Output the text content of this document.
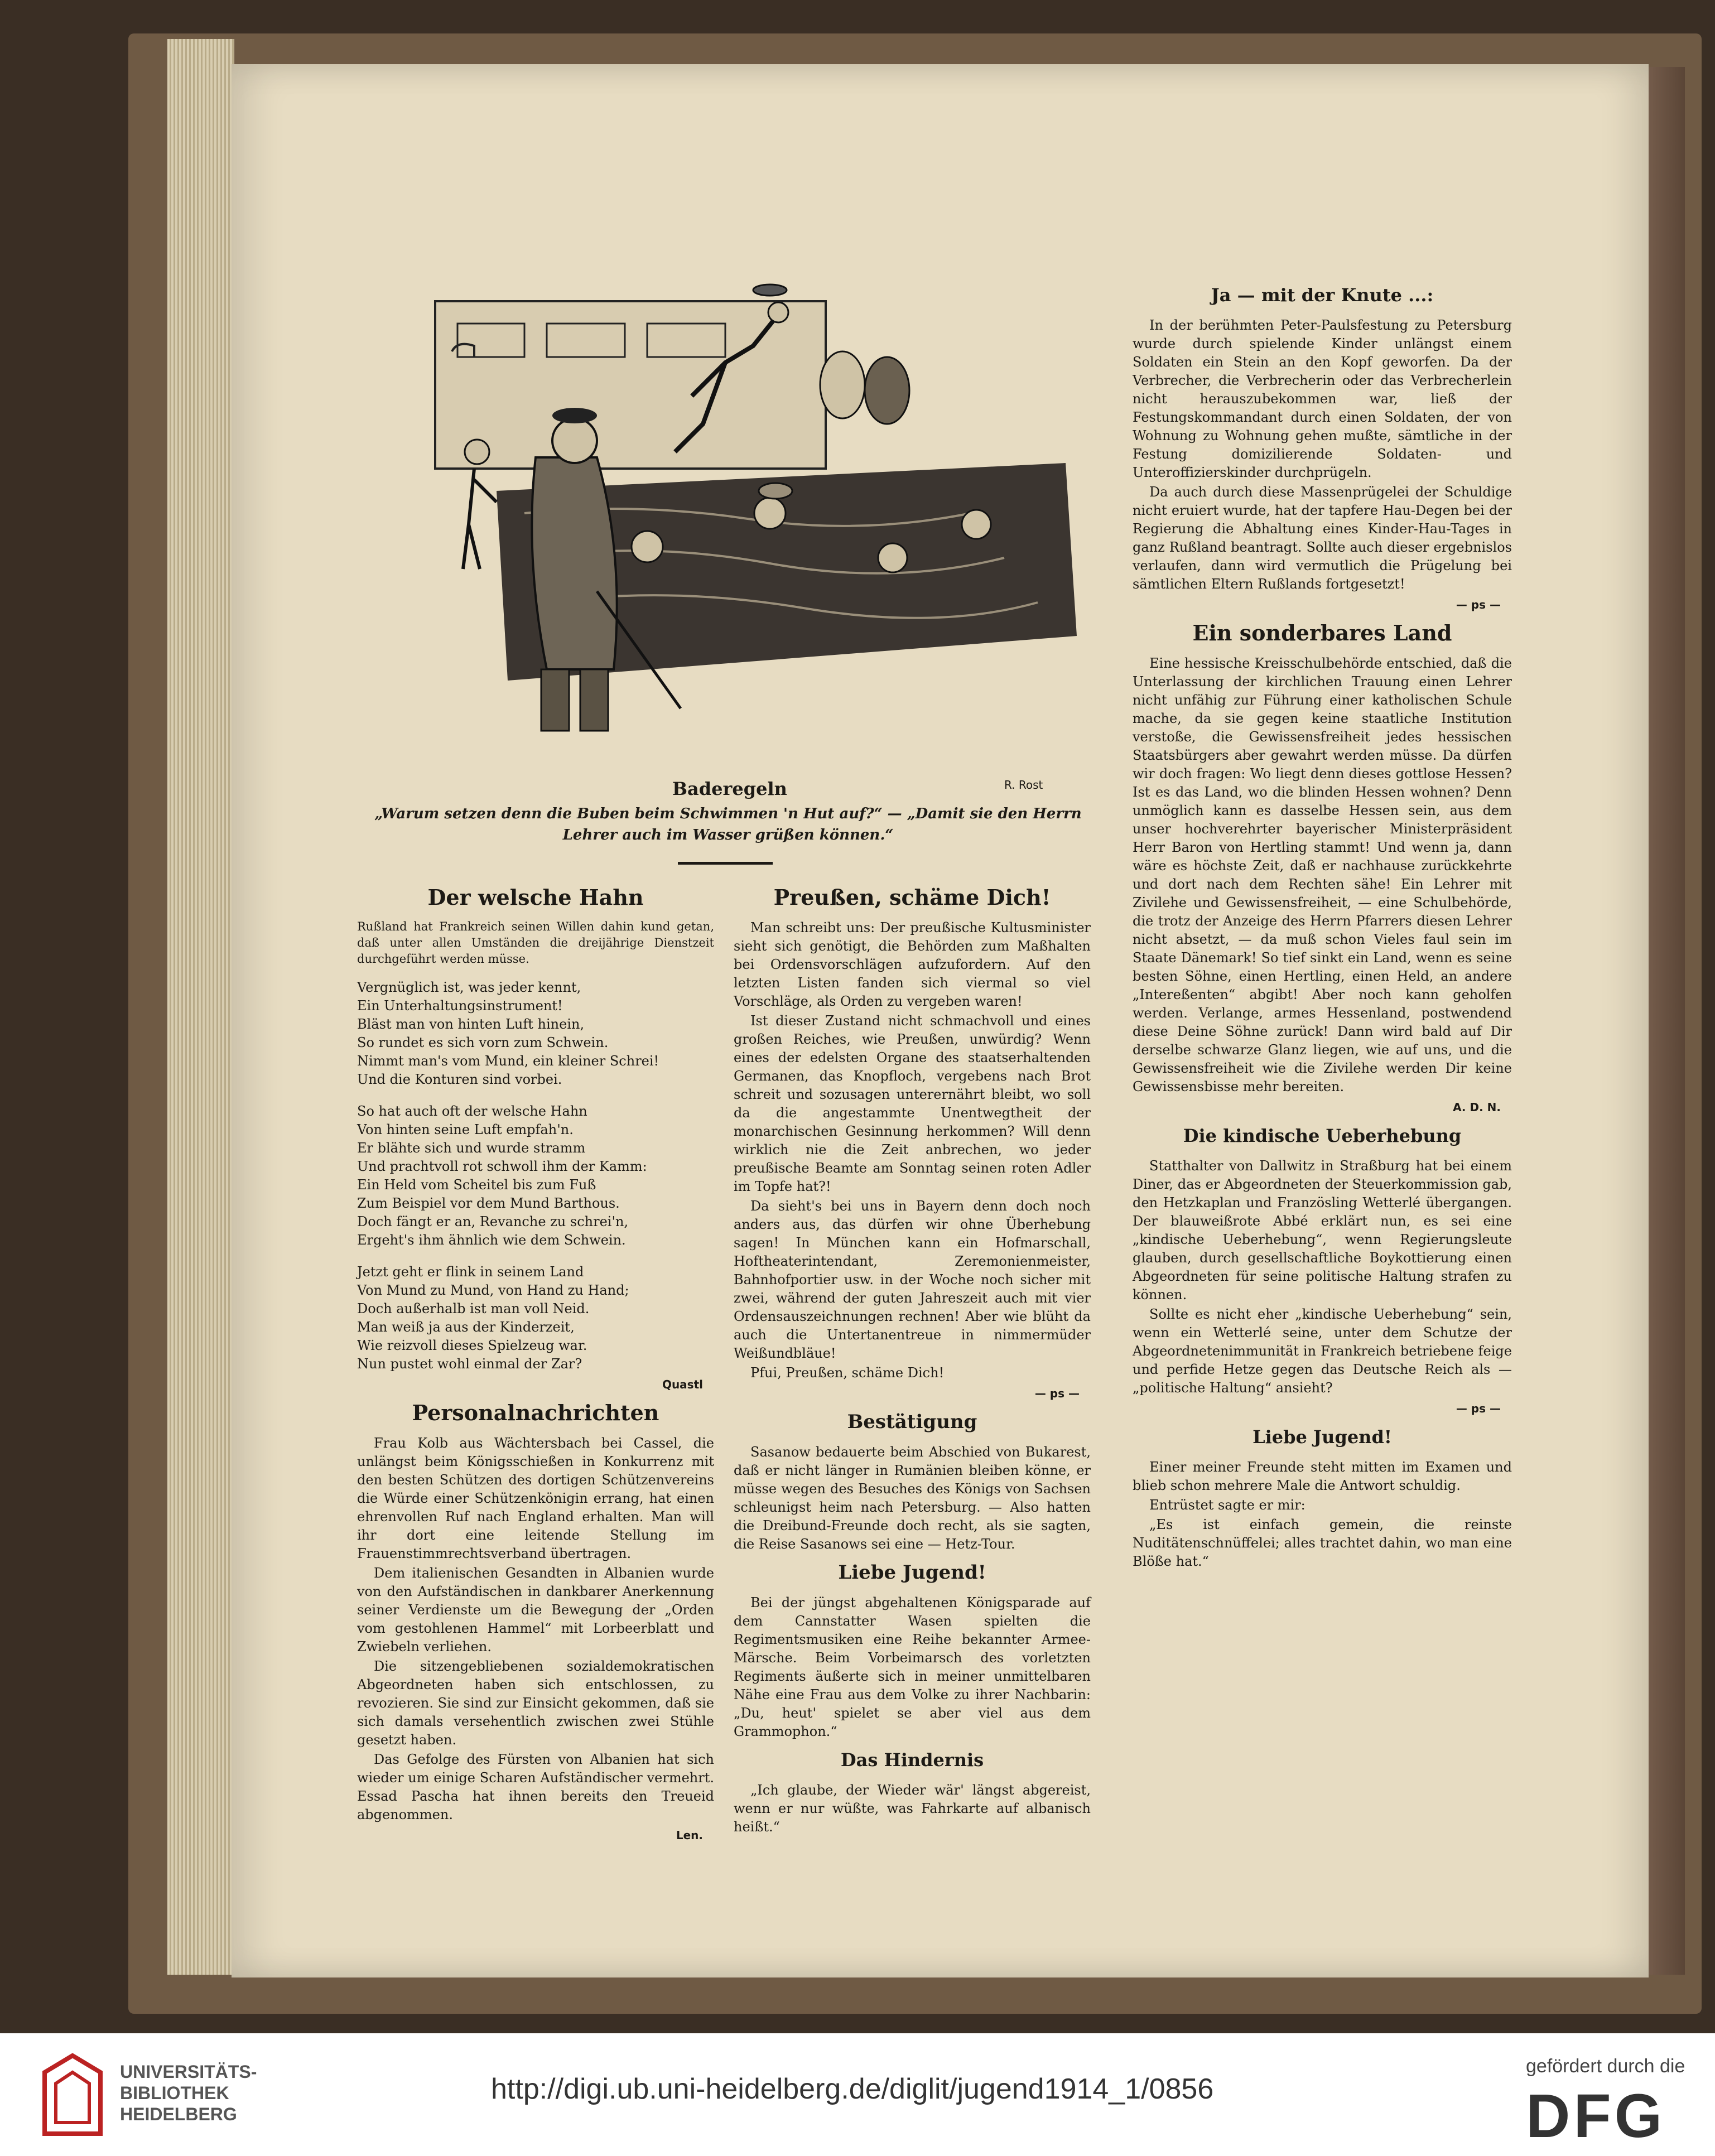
Baderegeln	R. Rost
„Warum setzen denn die Buben beim Schwimmen 'n Hut auf?“ — „Damit sie den Herrn Lehrer auch im Wasser grüßen können.“
Der welsche Hahn
Rußland hat Frankreich seinen Willen dahin kund getan, daß unter allen Umständen die dreijährige Dienstzeit durchgeführt werden müsse.
Vergnüglich ist, was jeder kennt,
Ein Unterhaltungsinstrument!
Bläst man von hinten Luft hinein,
So rundet es sich vorn zum Schwein.
Nimmt man's vom Mund, ein kleiner Schrei!
Und die Konturen sind vorbei.
So hat auch oft der welsche Hahn
Von hinten seine Luft empfah'n.
Er blähte sich und wurde stramm
Und prachtvoll rot schwoll ihm der Kamm:
Ein Held vom Scheitel bis zum Fuß
Zum Beispiel vor dem Mund Barthous.
Doch fängt er an, Revanche zu schrei'n,
Ergeht's ihm ähnlich wie dem Schwein.
Jetzt geht er flink in seinem Land
Von Mund zu Mund, von Hand zu Hand;
Doch außerhalb ist man voll Neid.
Man weiß ja aus der Kinderzeit,
Wie reizvoll dieses Spielzeug war.
Nun pustet wohl einmal der Zar?
Quastl
Personalnachrichten

Frau Kolb aus Wächtersbach bei Cassel, die unlängst beim Königsschießen in Konkurrenz mit den besten Schützen des dortigen Schützenvereins die Würde einer Schützenkönigin errang, hat einen ehrenvollen Ruf nach England erhalten. Man will ihr dort eine leitende Stellung im Frauenstimmrechtsverband übertragen.

Dem italienischen Gesandten in Albanien wurde von den Aufständischen in dankbarer Anerkennung seiner Verdienste um die Bewegung der „Orden vom gestohlenen Hammel“ mit Lorbeerblatt und Zwiebeln verliehen.

Die sitzengebliebenen sozialdemokratischen Abgeordneten haben sich entschlossen, zu revozieren. Sie sind zur Einsicht gekommen, daß sie sich damals versehentlich zwischen zwei Stühle gesetzt haben.

Das Gefolge des Fürsten von Albanien hat sich wieder um einige Scharen Aufständischer vermehrt. Essad Pascha hat ihnen bereits den Treueid abgenommen.

Len.
Preußen, schäme Dich!

Man schreibt uns: Der preußische Kultusminister sieht sich genötigt, die Behörden zum Maßhalten bei Ordensvorschlägen aufzufordern. Auf den letzten Listen fanden sich viermal so viel Vorschläge, als Orden zu vergeben waren!

Ist dieser Zustand nicht schmachvoll und eines großen Reiches, wie Preußen, unwürdig? Wenn eines der edelsten Organe des staatserhaltenden Germanen, das Knopfloch, vergebens nach Brot schreit und sozusagen unterernährt bleibt, wo soll da die angestammte Unentwegtheit der monarchischen Gesinnung herkommen? Will denn wirklich nie die Zeit anbrechen, wo jeder preußische Beamte am Sonntag seinen roten Adler im Topfe hat?!

Da sieht's bei uns in Bayern denn doch noch anders aus, das dürfen wir ohne Überhebung sagen! In München kann ein Hofmarschall, Hoftheaterintendant, Zeremonienmeister, Bahnhofportier usw. in der Woche noch sicher mit zwei, während der guten Jahreszeit auch mit vier Ordensauszeichnungen rechnen! Aber wie blüht da auch die Untertanentreue in nimmermüder Weißundbläue!

Pfui, Preußen, schäme Dich!

— ps —
Bestätigung

Sasanow bedauerte beim Abschied von Bukarest, daß er nicht länger in Rumänien bleiben könne, er müsse wegen des Besuches des Königs von Sachsen schleunigst heim nach Petersburg. — Also hatten die Dreibund-Freunde doch recht, als sie sagten, die Reise Sasanows sei eine — Hetz-Tour.

Liebe Jugend!

Bei der jüngst abgehaltenen Königsparade auf dem Cannstatter Wasen spielten die Regimentsmusiken eine Reihe bekannter Armee-Märsche. Beim Vorbeimarsch des vorletzten Regiments äußerte sich in meiner unmittelbaren Nähe eine Frau aus dem Volke zu ihrer Nachbarin: „Du, heut' spielet se aber viel aus dem Grammophon.“

Das Hindernis

„Ich glaube, der Wieder wär' längst abgereist, wenn er nur wüßte, was Fahrkarte auf albanisch heißt.“

Ja — mit der Knute ...:

In der berühmten Peter-Paulsfestung zu Petersburg wurde durch spielende Kinder unlängst einem Soldaten ein Stein an den Kopf geworfen. Da der Verbrecher, die Verbrecherin oder das Verbrecherlein nicht herauszubekommen war, ließ der Festungskommandant durch einen Soldaten, der von Wohnung zu Wohnung gehen mußte, sämtliche in der Festung domizilierende Soldaten- und Unteroffizierskinder durchprügeln.

Da auch durch diese Massenprügelei der Schuldige nicht eruiert wurde, hat der tapfere Hau-Degen bei der Regierung die Abhaltung eines Kinder-Hau-Tages in ganz Rußland beantragt. Sollte auch dieser ergebnislos verlaufen, dann wird vermutlich die Prügelung bei sämtlichen Eltern Rußlands fortgesetzt!

— ps —
Ein sonderbares Land

Eine hessische Kreisschulbehörde entschied, daß die Unterlassung der kirchlichen Trauung einen Lehrer nicht unfähig zur Führung einer katholischen Schule mache, da sie gegen keine staatliche Institution verstoße, die Gewissensfreiheit jedes hessischen Staatsbürgers aber gewahrt werden müsse. Da dürfen wir doch fragen: Wo liegt denn dieses gottlose Hessen? Ist es das Land, wo die blinden Hessen wohnen? Denn unmöglich kann es dasselbe Hessen sein, aus dem unser hochverehrter bayerischer Ministerpräsident Herr Baron von Hertling stammt! Und wenn ja, dann wäre es höchste Zeit, daß er nachhause zurückkehrte und dort nach dem Rechten sähe! Ein Lehrer mit Zivilehe und Gewissensfreiheit, — eine Schulbehörde, die trotz der Anzeige des Herrn Pfarrers diesen Lehrer nicht absetzt, — da muß schon Vieles faul sein im Staate Dänemark! So tief sinkt ein Land, wenn es seine besten Söhne, einen Hertling, einen Held, an andere „Intereßenten“ abgibt! Aber noch kann geholfen werden. Verlange, armes Hessenland, postwendend diese Deine Söhne zurück! Dann wird bald auf Dir derselbe schwarze Glanz liegen, wie auf uns, und die Gewissensfreiheit wie die Zivilehe werden Dir keine Gewissensbisse mehr bereiten.

A. D. N.
Die kindische Ueberhebung

Statthalter von Dallwitz in Straßburg hat bei einem Diner, das er Abgeordneten der Steuerkommission gab, den Hetzkaplan und Französling Wetterlé übergangen. Der blauweißrote Abbé erklärt nun, es sei eine „kindische Ueberhebung“, wenn Regierungsleute glauben, durch gesellschaftliche Boykottierung einen Abgeordneten für seine politische Haltung strafen zu können.

Sollte es nicht eher „kindische Ueberhebung“ sein, wenn ein Wetterlé seine, unter dem Schutze der Abgeordnetenimmunität in Frankreich betriebene feige und perfide Hetze gegen das Deutsche Reich als — „politische Haltung“ ansieht?

— ps —
Liebe Jugend!

Einer meiner Freunde steht mitten im Examen und blieb schon mehrere Male die Antwort schuldig.

Entrüstet sagte er mir:

„Es ist einfach gemein, die reinste Nuditätenschnüffelei; alles trachtet dahin, wo man eine Blöße hat.“

UNIVERSITÄTS-
BIBLIOTHEK
HEIDELBERG
http://digi.ub.uni-heidelberg.de/diglit/jugend1914_1/0856
gefördert durch die
DFG
